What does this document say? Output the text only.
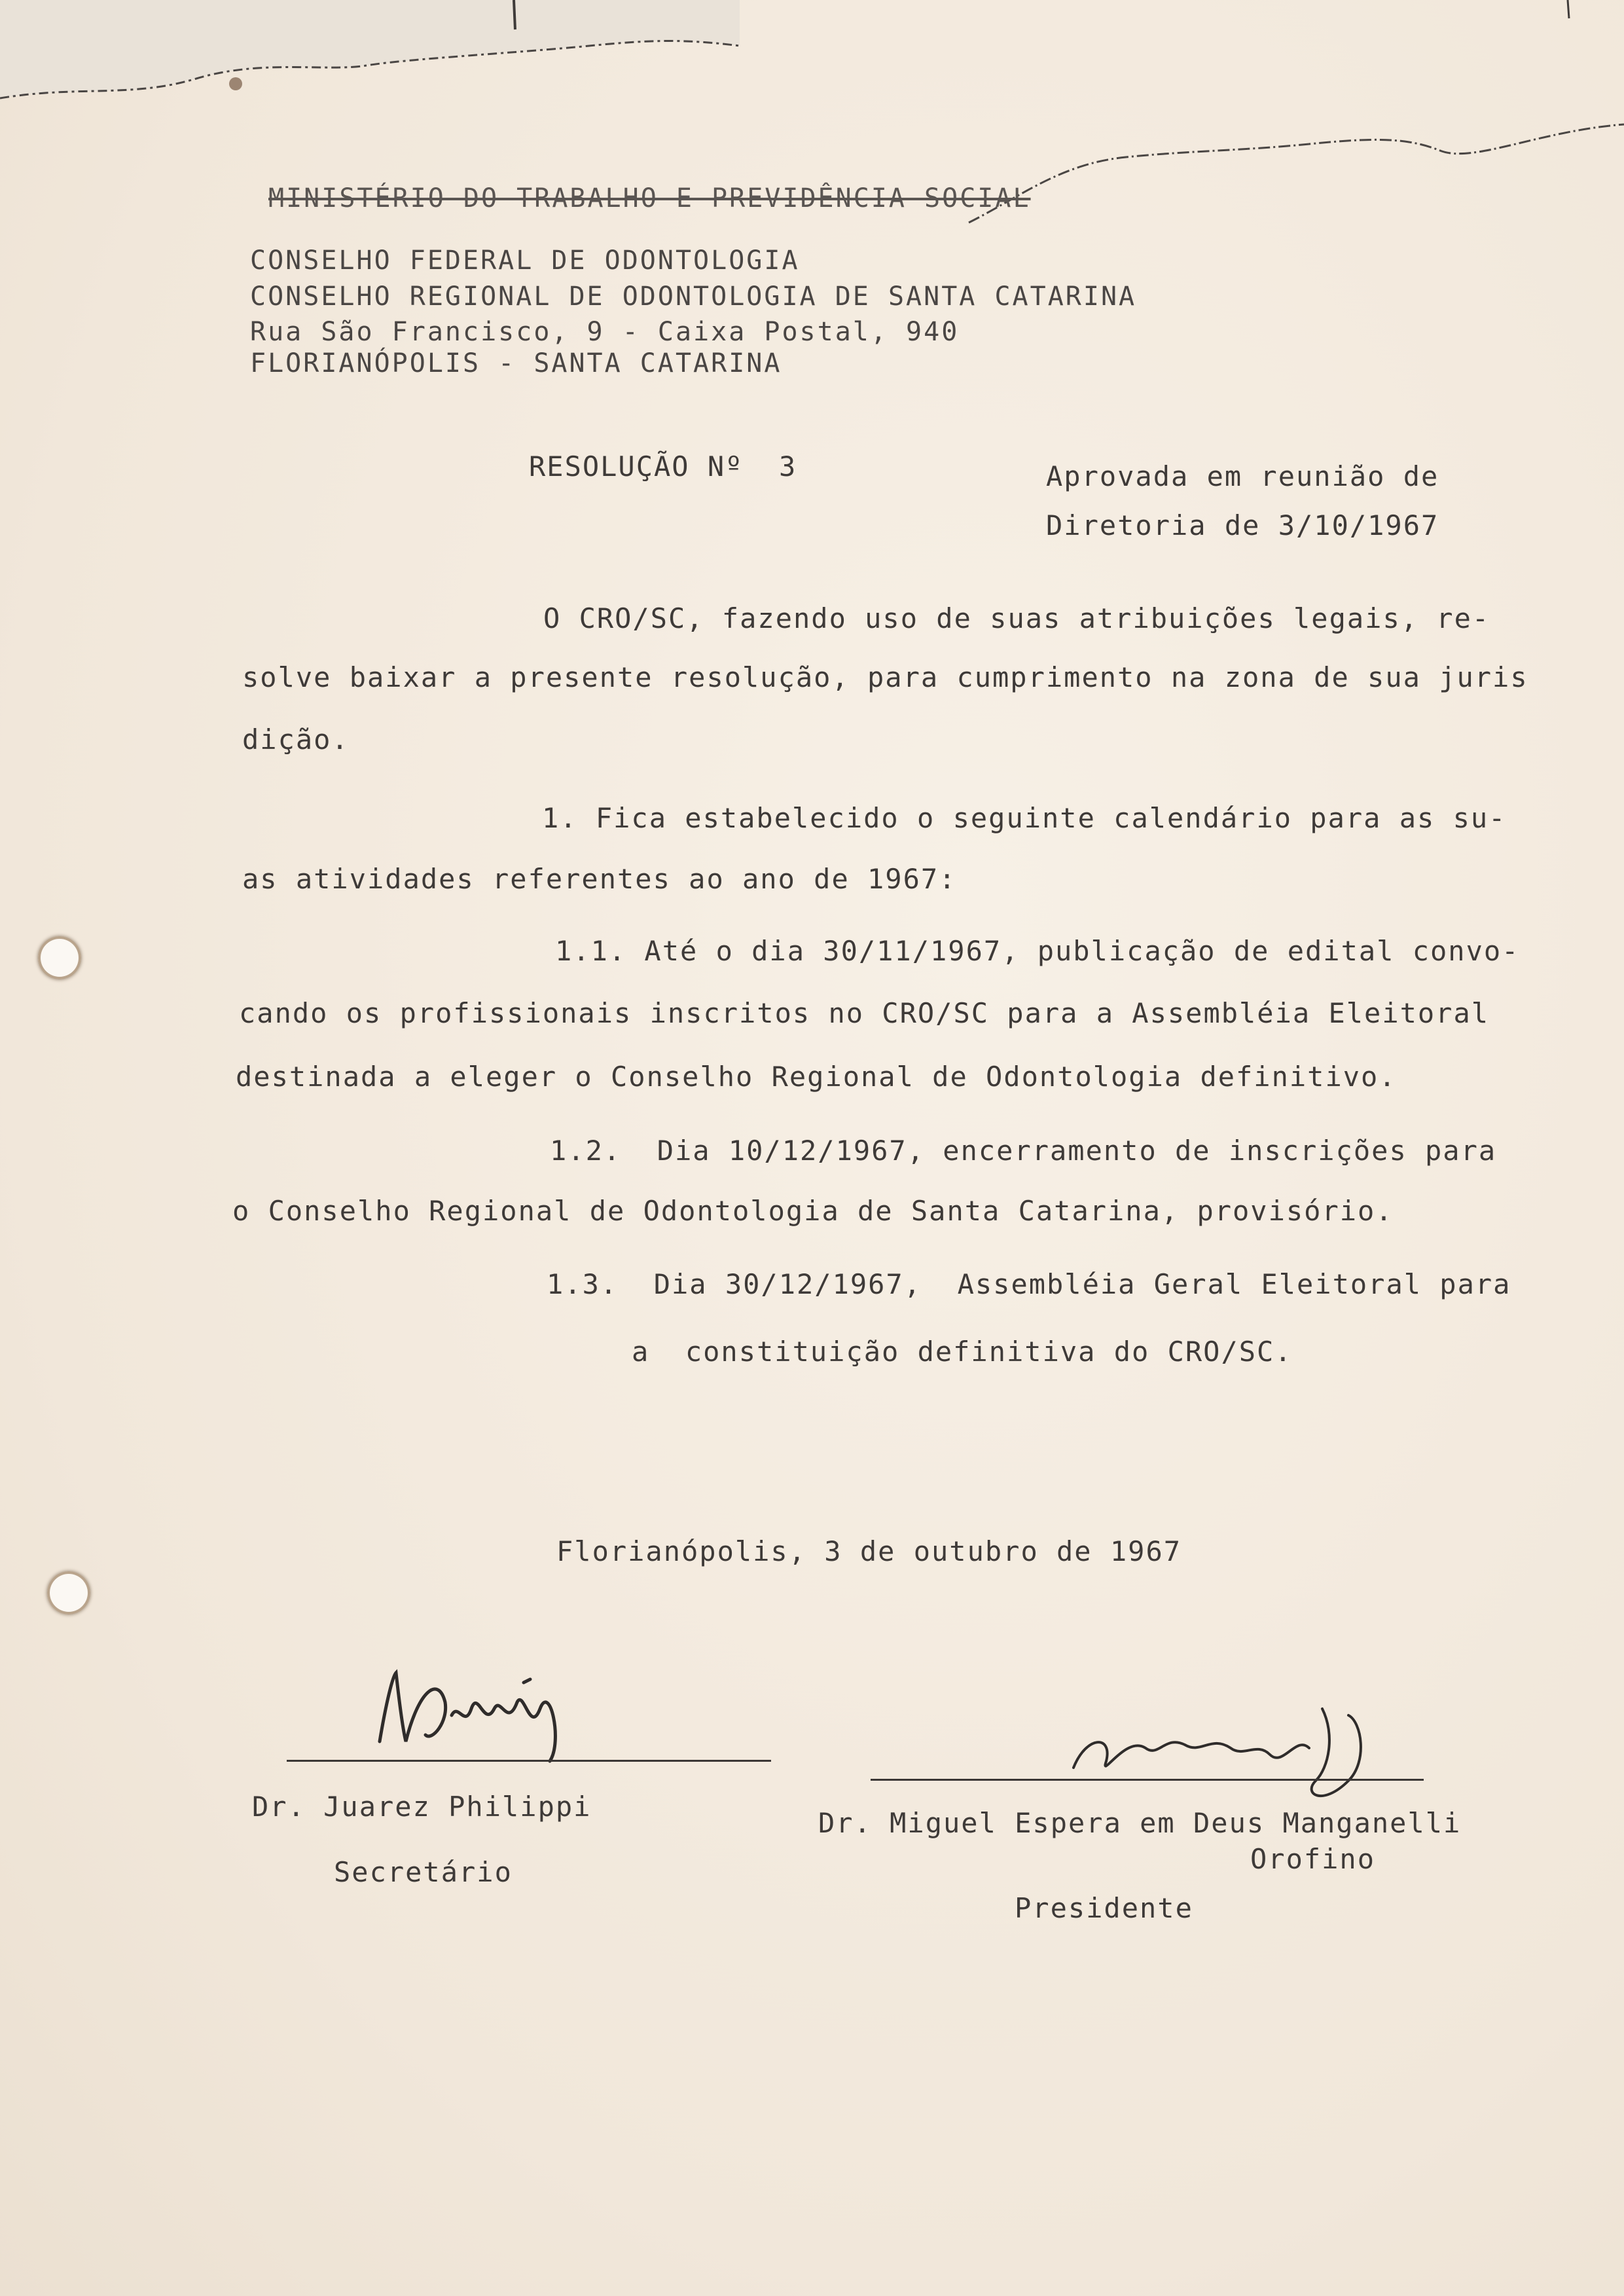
MINISTÉRIO DO TRABALHO E PREVIDÊNCIA SOCIAL
CONSELHO FEDERAL DE ODONTOLOGIA
CONSELHO REGIONAL DE ODONTOLOGIA DE SANTA CATARINA
Rua São Francisco, 9 - Caixa Postal, 940
FLORIANÓPOLIS - SANTA CATARINA
RESOLUÇÃO Nº  3	Aprovada em reunião de
Diretoria de 3/10/1967
O CRO/SC, fazendo uso de suas atribuições legais, re-
solve baixar a presente resolução, para cumprimento na zona de sua juris
dição.
1. Fica estabelecido o seguinte calendário para as su-
as atividades referentes ao ano de 1967:
1.1. Até o dia 30/11/1967, publicação de edital convo-
cando os profissionais inscritos no CRO/SC para a Assembléia Eleitoral
destinada a eleger o Conselho Regional de Odontologia definitivo.
1.2.  Dia 10/12/1967, encerramento de inscrições para
o Conselho Regional de Odontologia de Santa Catarina, provisório.
1.3.  Dia 30/12/1967,  Assembléia Geral Eleitoral para
a  constituição definitiva do CRO/SC.
Florianópolis, 3 de outubro de 1967
Dr. Juarez Philippi
Secretário
Dr. Miguel Espera em Deus Manganelli
Orofino
Presidente
